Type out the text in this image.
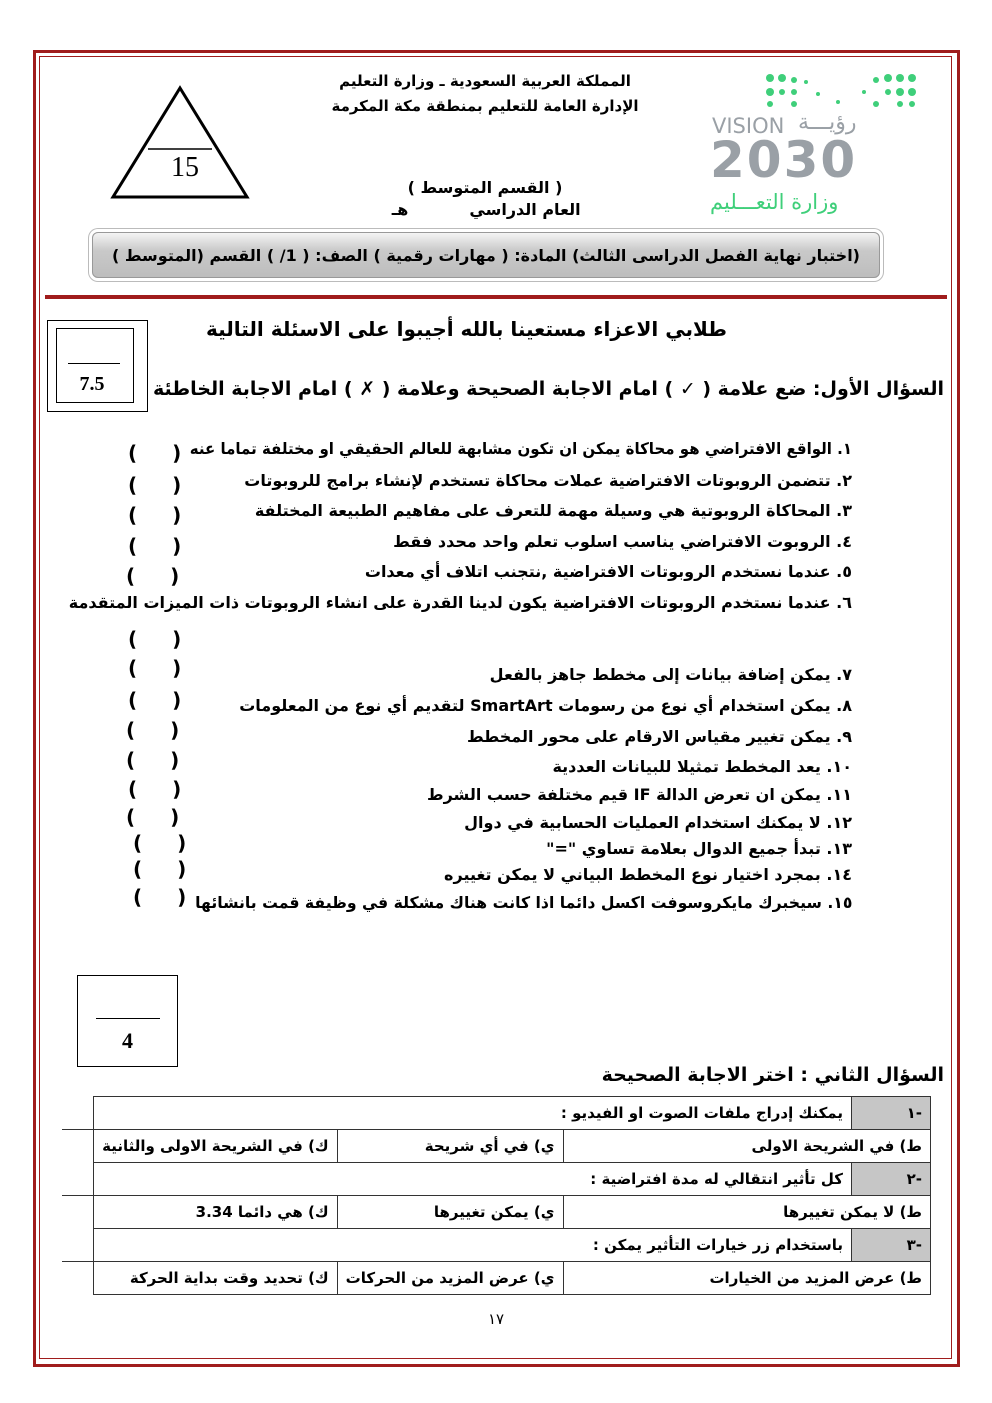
VISION رؤيـــة
2030
وزارة التعـــليم
المملكة العربية السعودية ـ وزارة التعليم
الإدارة العامة للتعليم بمنطقة مكة المكرمة
( القسم المتوسط )
العام الدراسي
هـ
15
(اختبار نهاية الفصل الدراسى الثالث) المادة: ( مهارات رقمية ) الصف: ( 1/ ) القسم (المتوسط )
7.5
طلابي الاعزاء مستعينا بالله أجيبوا على الاسئلة التالية
السؤال الأول: ضع علامة ( ✓ ) امام الاجابة الصحيحة وعلامة ( ✗ ) امام الاجابة الخاطئة
١. الواقع الافتراضي هو محاكاة يمكن ان تكون مشابهة للعالم الحقيقي او مختلفة تماما عنه
( )
٢. تتضمن الروبوتات الافتراضية عملات محاكاة تستخدم لإنشاء برامج للروبوتات
( )
٣. المحاكاة الروبوتية هي وسيلة مهمة للتعرف على مفاهيم الطبيعة المختلفة
( )
٤. الروبوت الافتراضي يناسب اسلوب تعلم واحد محدد فقط
( )
٥. عندما نستخدم الروبوتات الافتراضية ,نتجنب اتلاف أي معدات
( )
٦. عندما نستخدم الروبوتات الافتراضية يكون لدينا القدرة على انشاء الروبوتات ذات الميزات المتقدمة
( )
٧. يمكن إضافة بيانات إلى مخطط جاهز بالفعل
( )
٨. يمكن استخدام أي نوع من رسومات SmartArt لتقديم أي نوع من المعلومات
( )
٩. يمكن تغيير مقياس الارقام على محور المخطط
( )
١٠. يعد المخطط تمثيلا للبيانات العددية
( )
١١. يمكن ان تعرض الدالة IF قيم مختلفة حسب الشرط
( )
١٢. لا يمكنك استخدام العمليات الحسابية في دوال
( )
١٣. تبدأ جميع الدوال بعلامة تساوي "="
( )
١٤. بمجرد اختيار نوع المخطط البياني لا يمكن تغييره
( )
١٥. سيخبرك مايكروسوفت اكسل دائما اذا كانت هناك مشكلة في وظيفة قمت بانشائها
( )
4
السؤال الثاني : اختر الاجابة الصحيحة
-١	يمكنك إدراج ملفات الصوت او الفيديو :			
ط) في الشريحة الاولى		ي) في أي شريحة	ك) في الشريحة الاولى والثانية	
-٢	كل تأثير انتقالي له مدة افتراضية :			
ط) لا يمكن تغييرها		ي) يمكن تغييرها	ك) هي دائما 3.34	
-٣	باستخدام زر خيارات التأثير يمكن :			
ط) عرض المزيد من الخيارات		ي) عرض المزيد من الحركات	ك) تحديد وقت بداية الحركة	
١٧
